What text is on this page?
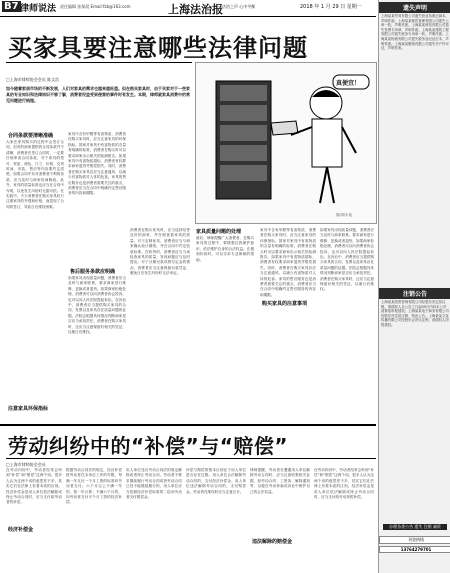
B7 律师说法 责任编辑 张保晨 Email:fzb@163.com	上海法治报 法治之声 心中平衡	2018 年 1 月 29 日 星期一
买家具要注意哪些法律问题
□上海市律师协会会员 陈文浩
如今随着家居市场的不断发展，人们对家具的需求也越来越旺盛。但在购买家具时，由于买家对于一些家具的专业知识和法律知识不够了解，消费者权益受到侵害的事件时有发生。本期，律师就家具消费中的常见问题进行梳理。
真便宜！
图/刘伟 绘
合同条款要清晰准确
大家在家具购买的过程中会签订合同，但有的商家提供的合同条款并不清晰，消费者在签订合同时，一定要仔细审查合同条款，对于家具的型号、材质、颜色、尺寸、价格、交货时间、安装、售后等内容要约定清楚。如果合同中有对消费者不利的条款，应当及时与商家协商修改。此外，家具的质量标准也应当在合同中写明，以免发生纠纷时无据可依。在实践中，不少消费者在购买家具时只注重家具的外观和价格，而忽视了合同的签订，导致日后维权困难。
注意家具环保指标
家具中含有甲醛等有害物质，消费者在购买家具时，应当注意家具的环保指标。国家对家具中有害物质的含量有明确的标准，消费者在购买时可以要求商家出示相关的检测报告。如果家具中有害物质超标，消费者有权要求商家退货并赔偿损失。同时，消费者在购买家具后应当注意通风，以减少有害物质对人体的危害。家具的售后服务也是消费者需要关注的重点，消费者应当在合同中明确约定售后服务的内容和期限。
售后服务条款应明确
如果家具出现质量问题，消费者应当及时与商家联系，要求商家进行维修、更换或者退货。如果商家拒绝处理，消费者可以向消费者协会投诉，也可以向人民法院提起诉讼。在诉讼中，消费者应当提供购买家具的合同、发票以及家具存在质量问题的证据。法院会根据具体情况判断商家是否应当承担责任。消费者在购买家具时，还应当注意保留好相关的凭证，以便日后维权。
家具质量问题的处理
消费者在购买家具时，应当选择信誉良好的商家，并仔细查看家具的质量。对于定制家具，消费者应当与商家确认设计图纸，并在合同中约定验收标准。在收货时，消费者应当当场检查家具的质量，发现问题应当及时提出。对于分期付款或预付定金的情况，消费者应当注意保留付款凭证，避免日后发生纠纷时无法举证。
最后，律师提醒广大消费者，在购买家具的过程中，要增强自我保护意识，依法维护自身的合法权益。在遇到纠纷时，可以寻求专业律师的帮助。
购买家具的注意事项
家具中含有甲醛等有害物质，消费者在购买家具时，应当注意家具的环保指标。国家对家具中有害物质的含量有明确的标准，消费者在购买时可以要求商家出示相关的检测报告。如果家具中有害物质超标，消费者有权要求商家退货并赔偿损失。同时，消费者在购买家具后应当注意通风，以减少有害物质对人体的危害。家具的售后服务也是消费者需要关注的重点，消费者应当在合同中明确约定售后服务的内容和期限。
如果家具出现质量问题，消费者应当及时与商家联系，要求商家进行维修、更换或者退货。如果商家拒绝处理，消费者可以向消费者协会投诉，也可以向人民法院提起诉讼。在诉讼中，消费者应当提供购买家具的合同、发票以及家具存在质量问题的证据。法院会根据具体情况判断商家是否应当承担责任。消费者在购买家具时，还应当注意保留好相关的凭证，以便日后维权。
劳动纠纷中的“补偿”与“赔偿”
□上海市律师协会会员
经济补偿金
在劳动纠纷中，劳动者经常会听到“补偿”和“赔偿”这两个词。很多人认为这两个词的意思差不多，其实它们在法律上有着本质的区别。经济补偿金是用人单位依法解除或终止劳动合同时，应当支付给劳动者的补偿。
根据劳动合同法的规定，经济补偿按劳动者在本单位工作的年限，每满一年支付一个月工资的标准向劳动者支付。六个月以上不满一年的，按一年计算；不满六个月的，向劳动者支付半个月工资的经济补偿。
用人单位违反劳动合同法的规定解除或者终止劳动合同，劳动者不要求继续履行劳动合同或者劳动合同已经不能继续履行的，用人单位应当依照经济补偿标准的二倍向劳动者支付赔偿金。
违法解除的赔偿金
补偿与赔偿的根本区别在于用人单位是否存在过错。用人单位合法解除劳动合同的，支付经济补偿金；用人单位违法解除劳动合同的，支付赔偿金。劳动者在维权时应当注意区分。
律师提醒，劳动者在遭遇用人单位解除劳动合同时，应当注意收集相关证据，如劳动合同、工资条、解除通知等，以便在劳动仲裁或诉讼中维护自己的合法权益。
在劳动纠纷中，劳动者经常会听到“补偿”和“赔偿”这两个词。很多人认为这两个词的意思差不多，其实它们在法律上有着本质的区别。经济补偿金是用人单位依法解除或终止劳动合同时，应当支付给劳动者的补偿。
遗失声明
上海某某贸易有限公司遗失营业执照正副本，声明作废。上海某某餐饮管理有限公司遗失公章一枚，声明作废。上海某某科技有限公司遗失发票专用章，声明作废。上海某某建筑工程有限公司遗失财务专用章一枚，声明作废。上海某某物流有限公司遗失税务登记证正本，声明作废。上海某某服饰有限公司遗失开户许可证，声明作废。
注销公告
上海某某投资咨询有限公司经股东决定拟注销，请债权人自公告之日起45日内向本公司清算组申报债权。上海某某电子商务有限公司经股东决定拟注销，特此公告。上海某某文化传播有限公司经股东会决议注销，请债权人申报债权。
办理各类公告 遗失 注销 减资
刊登热线
13764279701
